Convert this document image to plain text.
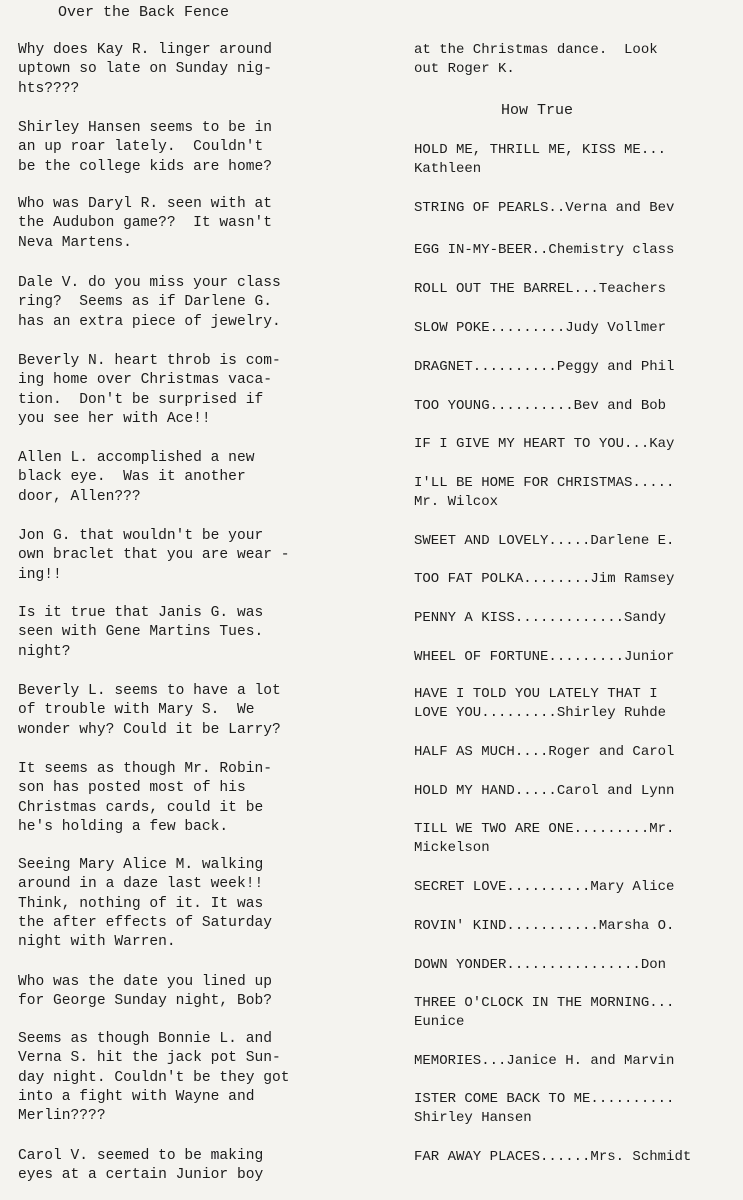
Over the Back Fence
Why does Kay R. linger around
uptown so late on Sunday nig-
hts????
Shirley Hansen seems to be in
an up roar lately.  Couldn't
be the college kids are home?
Who was Daryl R. seen with at
the Audubon game??  It wasn't
Neva Martens.
Dale V. do you miss your class
ring?  Seems as if Darlene G.
has an extra piece of jewelry.
Beverly N. heart throb is com-
ing home over Christmas vaca-
tion.  Don't be surprised if
you see her with Ace!!
Allen L. accomplished a new
black eye.  Was it another
door, Allen???
Jon G. that wouldn't be your
own braclet that you are wear -
ing!!
Is it true that Janis G. was
seen with Gene Martins Tues.
night?
Beverly L. seems to have a lot
of trouble with Mary S.  We
wonder why? Could it be Larry?
It seems as though Mr. Robin-
son has posted most of his
Christmas cards, could it be
he's holding a few back.
Seeing Mary Alice M. walking
around in a daze last week!!
Think, nothing of it. It was
the after effects of Saturday
night with Warren.
Who was the date you lined up
for George Sunday night, Bob?
Seems as though Bonnie L. and
Verna S. hit the jack pot Sun-
day night. Couldn't be they got
into a fight with Wayne and
Merlin????
Carol V. seemed to be making
eyes at a certain Junior boy
at the Christmas dance.  Look
out Roger K.
How True
HOLD ME, THRILL ME, KISS ME...
Kathleen
STRING OF PEARLS..Verna and Bev
EGG IN-MY-BEER..Chemistry class
ROLL OUT THE BARREL...Teachers
SLOW POKE.........Judy Vollmer
DRAGNET..........Peggy and Phil
TOO YOUNG..........Bev and Bob
IF I GIVE MY HEART TO YOU...Kay
I'LL BE HOME FOR CHRISTMAS.....
Mr. Wilcox
SWEET AND LOVELY.....Darlene E.
TOO FAT POLKA........Jim Ramsey
PENNY A KISS.............Sandy
WHEEL OF FORTUNE.........Junior
HAVE I TOLD YOU LATELY THAT I
LOVE YOU.........Shirley Ruhde
HALF AS MUCH....Roger and Carol
HOLD MY HAND.....Carol and Lynn
TILL WE TWO ARE ONE.........Mr.
Mickelson
SECRET LOVE..........Mary Alice
ROVIN' KIND...........Marsha O.
DOWN YONDER................Don
THREE O'CLOCK IN THE MORNING...
Eunice
MEMORIES...Janice H. and Marvin
ISTER COME BACK TO ME..........
Shirley Hansen
FAR AWAY PLACES......Mrs. Schmidt
